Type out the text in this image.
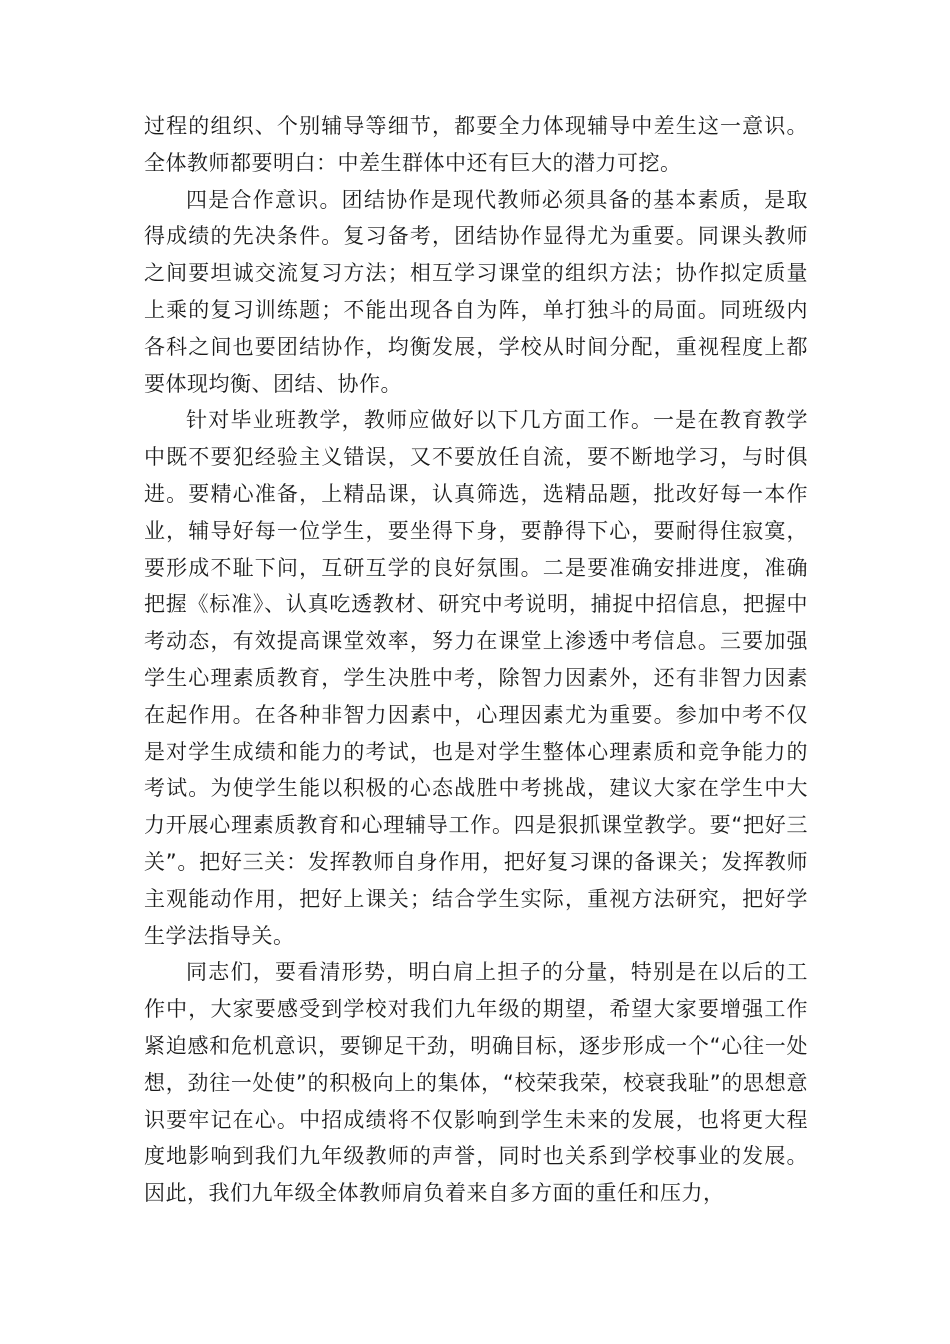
过程的组织、个别辅导等细节，都要全力体现辅导中差生这一意识。全体教师都要明白：中差生群体中还有巨大的潜力可挖。

四是合作意识。团结协作是现代教师必须具备的基本素质，是取得成绩的先决条件。复习备考，团结协作显得尤为重要。同课头教师之间要坦诚交流复习方法；相互学习课堂的组织方法；协作拟定质量上乘的复习训练题；不能出现各自为阵，单打独斗的局面。同班级内各科之间也要团结协作，均衡发展，学校从时间分配，重视程度上都要体现均衡、团结、协作。

针对毕业班教学，教师应做好以下几方面工作。一是在教育教学中既不要犯经验主义错误，又不要放任自流，要不断地学习，与时俱进。要精心准备，上精品课，认真筛选，选精品题，批改好每一本作业，辅导好每一位学生，要坐得下身，要静得下心，要耐得住寂寞，要形成不耻下问，互研互学的良好氛围。二是要准确安排进度，准确把握《标准》、认真吃透教材、研究中考说明，捕捉中招信息，把握中考动态，有效提高课堂效率，努力在课堂上渗透中考信息。三要加强学生心理素质教育，学生决胜中考，除智力因素外，还有非智力因素在起作用。在各种非智力因素中，心理因素尤为重要。参加中考不仅是对学生成绩和能力的考试，也是对学生整体心理素质和竞争能力的考试。为使学生能以积极的心态战胜中考挑战，建议大家在学生中大力开展心理素质教育和心理辅导工作。四是狠抓课堂教学。要“把好三关”。把好三关：发挥教师自身作用，把好复习课的备课关；发挥教师主观能动作用，把好上课关；结合学生实际，重视方法研究，把好学生学法指导关。

同志们，要看清形势，明白肩上担子的分量，特别是在以后的工作中，大家要感受到学校对我们九年级的期望，希望大家要增强工作紧迫感和危机意识，要铆足干劲，明确目标，逐步形成一个“心往一处想，劲往一处使”的积极向上的集体，“校荣我荣，校衰我耻”的思想意识要牢记在心。中招成绩将不仅影响到学生未来的发展，也将更大程度地影响到我们九年级教师的声誉，同时也关系到学校事业的发展。因此，我们九年级全体教师肩负着来自多方面的重任和压力，
